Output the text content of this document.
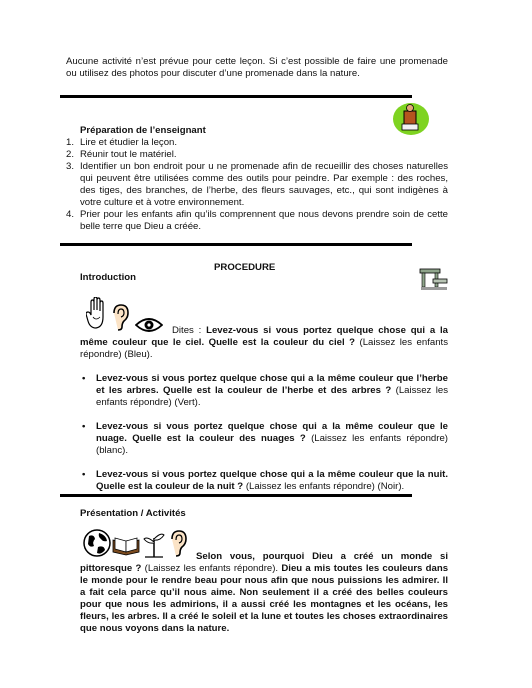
Aucune activité n’est prévue pour cette leçon. Si c’est possible de faire une promenade ou utilisez des photos pour discuter d’une promenade dans la nature.
Préparation de l’enseignant
1. Lire et étudier la leçon.
2. Réunir tout le matériel.
3. Identifier un bon endroit pour u ne promenade afin de recueillir des choses naturelles qui peuvent être utilisées comme des outils pour peindre. Par exemple : des roches, des tiges, des branches, de l’herbe, des fleurs sauvages, etc., qui sont indigènes à votre culture et à votre environnement.
4. Prier pour les enfants afin qu’ils comprennent que nous devons prendre soin de cette belle terre que Dieu a créée.
PROCEDURE
Introduction
Dites : Levez-vous si vous portez quelque chose qui a la même couleur que le ciel. Quelle est la couleur du ciel ? (Laissez les enfants répondre) (Bleu).
• Levez-vous si vous portez quelque chose qui a la même couleur que l’herbe et les arbres. Quelle est la couleur de l’herbe et des arbres ? (Laissez les enfants répondre) (Vert).
• Levez-vous si vous portez quelque chose qui a la même couleur que le nuage. Quelle est la couleur des nuages ? (Laissez les enfants répondre) (blanc).
• Levez-vous si vous portez quelque chose qui a la même couleur que la nuit. Quelle est la couleur de la nuit ? (Laissez les enfants répondre) (Noir).
Présentation / Activités
Selon vous, pourquoi Dieu a créé un monde si pittoresque ? (Laissez les enfants répondre). Dieu a mis toutes les couleurs dans le monde pour le rendre beau pour nous afin que nous puissions les admirer. Il a fait cela parce qu’il nous aime. Non seulement il a créé des belles couleurs pour que nous les admirions, il a aussi créé les montagnes et les océans, les fleurs, les arbres. Il a créé le soleil et la lune et toutes les choses extraordinaires que nous voyons dans la nature.
